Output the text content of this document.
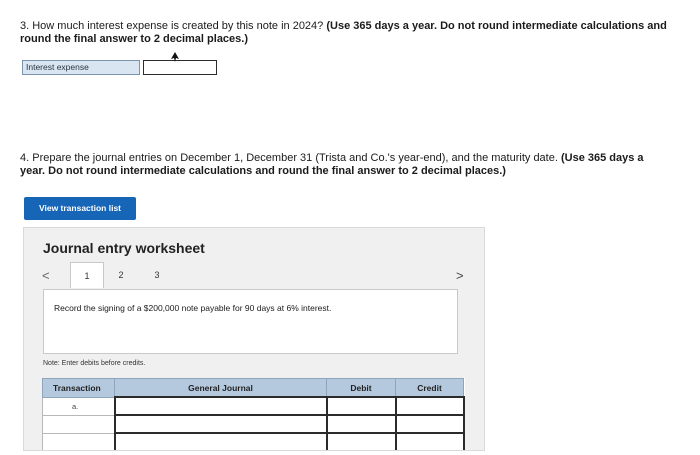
3. How much interest expense is created by this note in 2024? (Use 365 days a year. Do not round intermediate calculations and round the final answer to 2 decimal places.)
Interest expense
4. Prepare the journal entries on December 1, December 31 (Trista and Co.'s year-end), and the maturity date. (Use 365 days a year. Do not round intermediate calculations and round the final answer to 2 decimal places.)
View transaction list
Journal entry worksheet
<	1	2	3	>
Record the signing of a $200,000 note payable for 90 days at 6% interest.
Note: Enter debits before credits.
Transaction	General Journal	Debit	Credit
a.			
